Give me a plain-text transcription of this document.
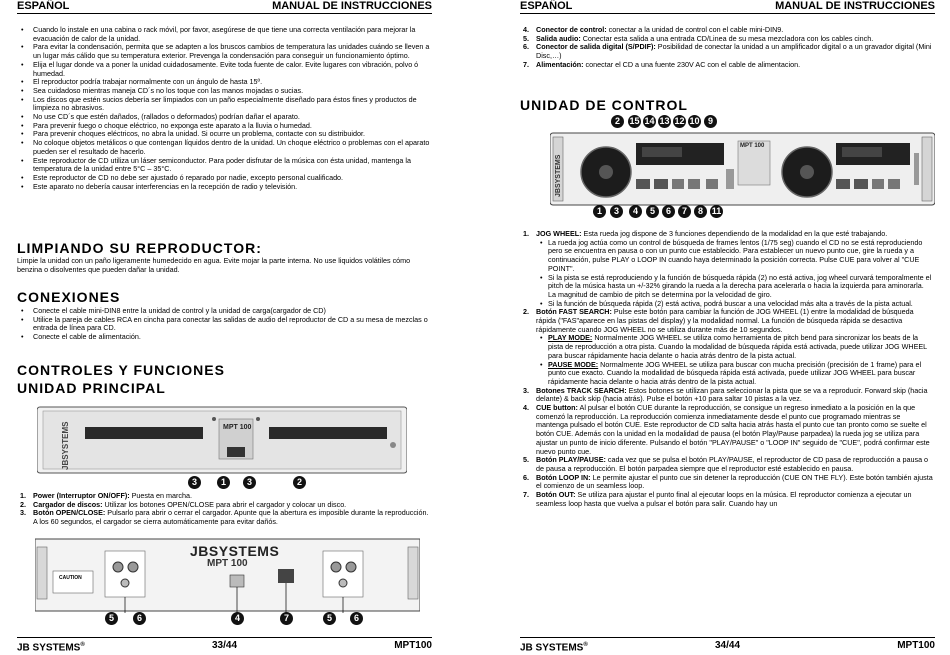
ESPAÑOL	MANUAL DE INSTRUCCIONES
• Cuando lo instale en una cabina o rack móvil, por favor, asegúrese de que tiene una correcta ventilación para mejorar la evacuación de calor de la unidad.
• Para evitar la condensación, permita que se adapten a los bruscos cambios de temperatura las unidades cuándo se lleven a un lugar más cálido que su temperatura exterior. Prevenga la condensación para conseguir un funcionamiento óptimo.
• Elija el lugar donde va a poner la unidad cuidadosamente. Evite toda fuente de calor. Evite lugares con vibración, polvo ó humedad.
• El reproductor podría trabajar normalmente con un ángulo de hasta 15º.
• Sea cuidadoso mientras maneja CD´s no los toque con las manos mojadas o sucias.
• Los discos que estén sucios debería ser limpiados con un paño especialmente diseñado para éstos fines y productos de limpieza no abrasivos.
• No use CD´s que estén dañados, (rallados o deformados) podrían dañar el aparato.
• Para prevenir fuego o choque eléctrico, no exponga este aparato a la lluvia o humedad.
• Para prevenir choques eléctricos, no abra la unidad. Si ocurre un problema, contacte con su distribuidor.
• No coloque objetos metálicos o que contengan líquidos dentro de la unidad. Un choque eléctrico o problemas con el aparato pueden ser el resultado de hacerlo.
• Este reproductor de CD utiliza un láser semiconductor. Para poder disfrutar de la música con ésta unidad, mantenga la temperatura de la unidad entre 5°C – 35°C.
• Este reproductor de CD no debe ser ajustado ó reparado por nadie, excepto personal cualificado.
• Este aparato no debería causar interferencias en la recepción de radio y televisión.
LIMPIANDO SU REPRODUCTOR:
Limpie la unidad con un paño ligeramente humedecido en agua. Evite mojar la parte interna. No use liquidos volátiles cómo benzina o disolventes que pueden dañar la unidad.
CONEXIONES
• Conecte el cable mini-DIN8 entre la unidad de control y la unidad de carga(cargador de CD)
• Utilice la pareja de cables RCA en cincha para conectar las salidas de audio del reproductor de CD a su mesa de mezclas o entrada de línea para CD.
• Conecte el cable de alimentación.
CONTROLES Y FUNCIONES
UNIDAD PRINCIPAL
JBSYSTEMS	MPT 100
3	1	3	2
1. Power (Interruptor ON/OFF): Puesta en marcha.
2. Cargador de discos: Utilizar los botones OPEN/CLOSE para abrir el cargador y colocar un disco.
3. Botón OPEN/CLOSE: Pulsarlo para abrir o cerrar el cargador. Apunte que la abertura es imposible durante la reproducción. A los 60 segundos, el cargador se cierra automáticamente para evitar dañós.
JBSYSTEMS
MPT 100
CAUTION
5	6	4	7	5	6
JB SYSTEMS®	33/44	MPT100
ESPAÑOL	MANUAL DE INSTRUCCIONES
4. Conector de control: conectar a la unidad de control con el cable mini-DIN9.
5. Salida audio: Conectar esta salida a una entrada CD/Linea de su mesa mezcladora con los cables cinch.
6. Conector de salida digital (S/PDIF): Posibilidad de conectar la unidad a un amplificador digital o a un gravador digital (Mini Disc,…)
7. Alimentación: conectar el CD a una fuente 230V AC con el cable de alimentacion.
UNIDAD DE CONTROL
JBSYSTEMS
MPT 100
2	15 14 13 12 10 9
1	3	4	5	6	7	8 11
1. JOG WHEEL: Esta rueda jog dispone de 3 funciones dependiendo de la modalidad en la que esté trabajando.
• La rueda jog actúa como un control de búsqueda de frames lentos (1/75 seg) cuando el CD no se está reproduciendo pero se encuentra en pausa o con un punto cue establecido. Para establecer un nuevo punto cue, gire la rueda y a continuación, pulse PLAY o LOOP IN cuando haya determinado la posición correcta. Pulse CUE para volver al "CUE POINT".
• Si la pista se está reproduciendo y la función de búsqueda rápida (2) no está activa, jog wheel curvará temporalmente el pitch de la música hasta un +/-32% girando la rueda a la derecha para acelerarla o hacia la izquierda para aminorarla. La magnitud de cambio de pitch se determina por la velocidad de giro.
• Si la función de búsqueda rápida (2) está activa, podrá buscar a una velocidad más alta a través de la pista actual.
2. Botón FAST SEARCH: Pulse este botón para cambiar la función de JOG WHEEL (1) entre la modalidad de búsqueda rápida ("FAS"aparece en las pistas del display) y la modalidad normal. La función de búsqueda rápida se desactiva rápidamente cuando JOG WHEEL no se utiliza durante más de 10 segundos.
• PLAY MODE: Normalmente JOG WHEEL se utiliza como herramienta de pitch bend para sincronizar los beats de la pista de reproducción a otra pista. Cuando la modalidad de búsqueda rápida está activada, puede utilizar JOG WHEEL para buscar rápidamente hacia delante o hacia atrás dentro de la pista actual.
• PAUSE MODE: Normalmente JOG WHEEL se utiliza para buscar con mucha precisión (precisión de 1 frame) para el punto cue exacto. Cuando la modalidad de búsqueda rápida está activada, puede utilizar JOG WHEEL para buscar rápidamente hacia delante o hacia atrás dentro de la pista actual.
3. Botones TRACK SEARCH: Estos botones se utilizan para seleccionar la pista que se va a reproducir. Forward skip (hacia delante) & back skip (hacia atrás). Pulse el botón +10 para saltar 10 pistas a la vez.
4. CUE button: Al pulsar el botón CUE durante la reproducción, se consigue un regreso inmediato a la posición en la que comenzó la reproducción. La reproducción comienza inmediatamente desde el punto cue programado mientras se mantenga pulsado el botón CUE. Este reproductor de CD salta hacia atrás hasta el punto cue tan pronto como se suelte el botón CUE. Además con la unidad en la modalidad de pausa (el botón Play/Pause parpadea) la rueda jog se utiliza para ajustar un punto de inicio diferente. Pulsando el botón "PLAY/PAUSE" o "LOOP IN" seguido de "CUE", podrá confirmar este nuevo punto cue.
5. Botón PLAY/PAUSE: cada vez que se pulsa el botón PLAY/PAUSE, el reproductor de CD pasa de reproducción a pausa o de pausa a reproducción. El botón parpadea siempre que el reproductor esté establecido en pausa.
6. Botón LOOP IN: Le permite ajustar el punto cue sin detener la reproducción (CUE ON THE FLY). Este botón también ajusta el comienzo de un seamless loop.
7. Botón OUT: Se utiliza para ajustar el punto final al ejecutar loops en la música. El reproductor comienza a ejecutar un seamless loop hasta que vuelva a pulsar el botón para salir. Cuando hay un
JB SYSTEMS®	34/44	MPT100
